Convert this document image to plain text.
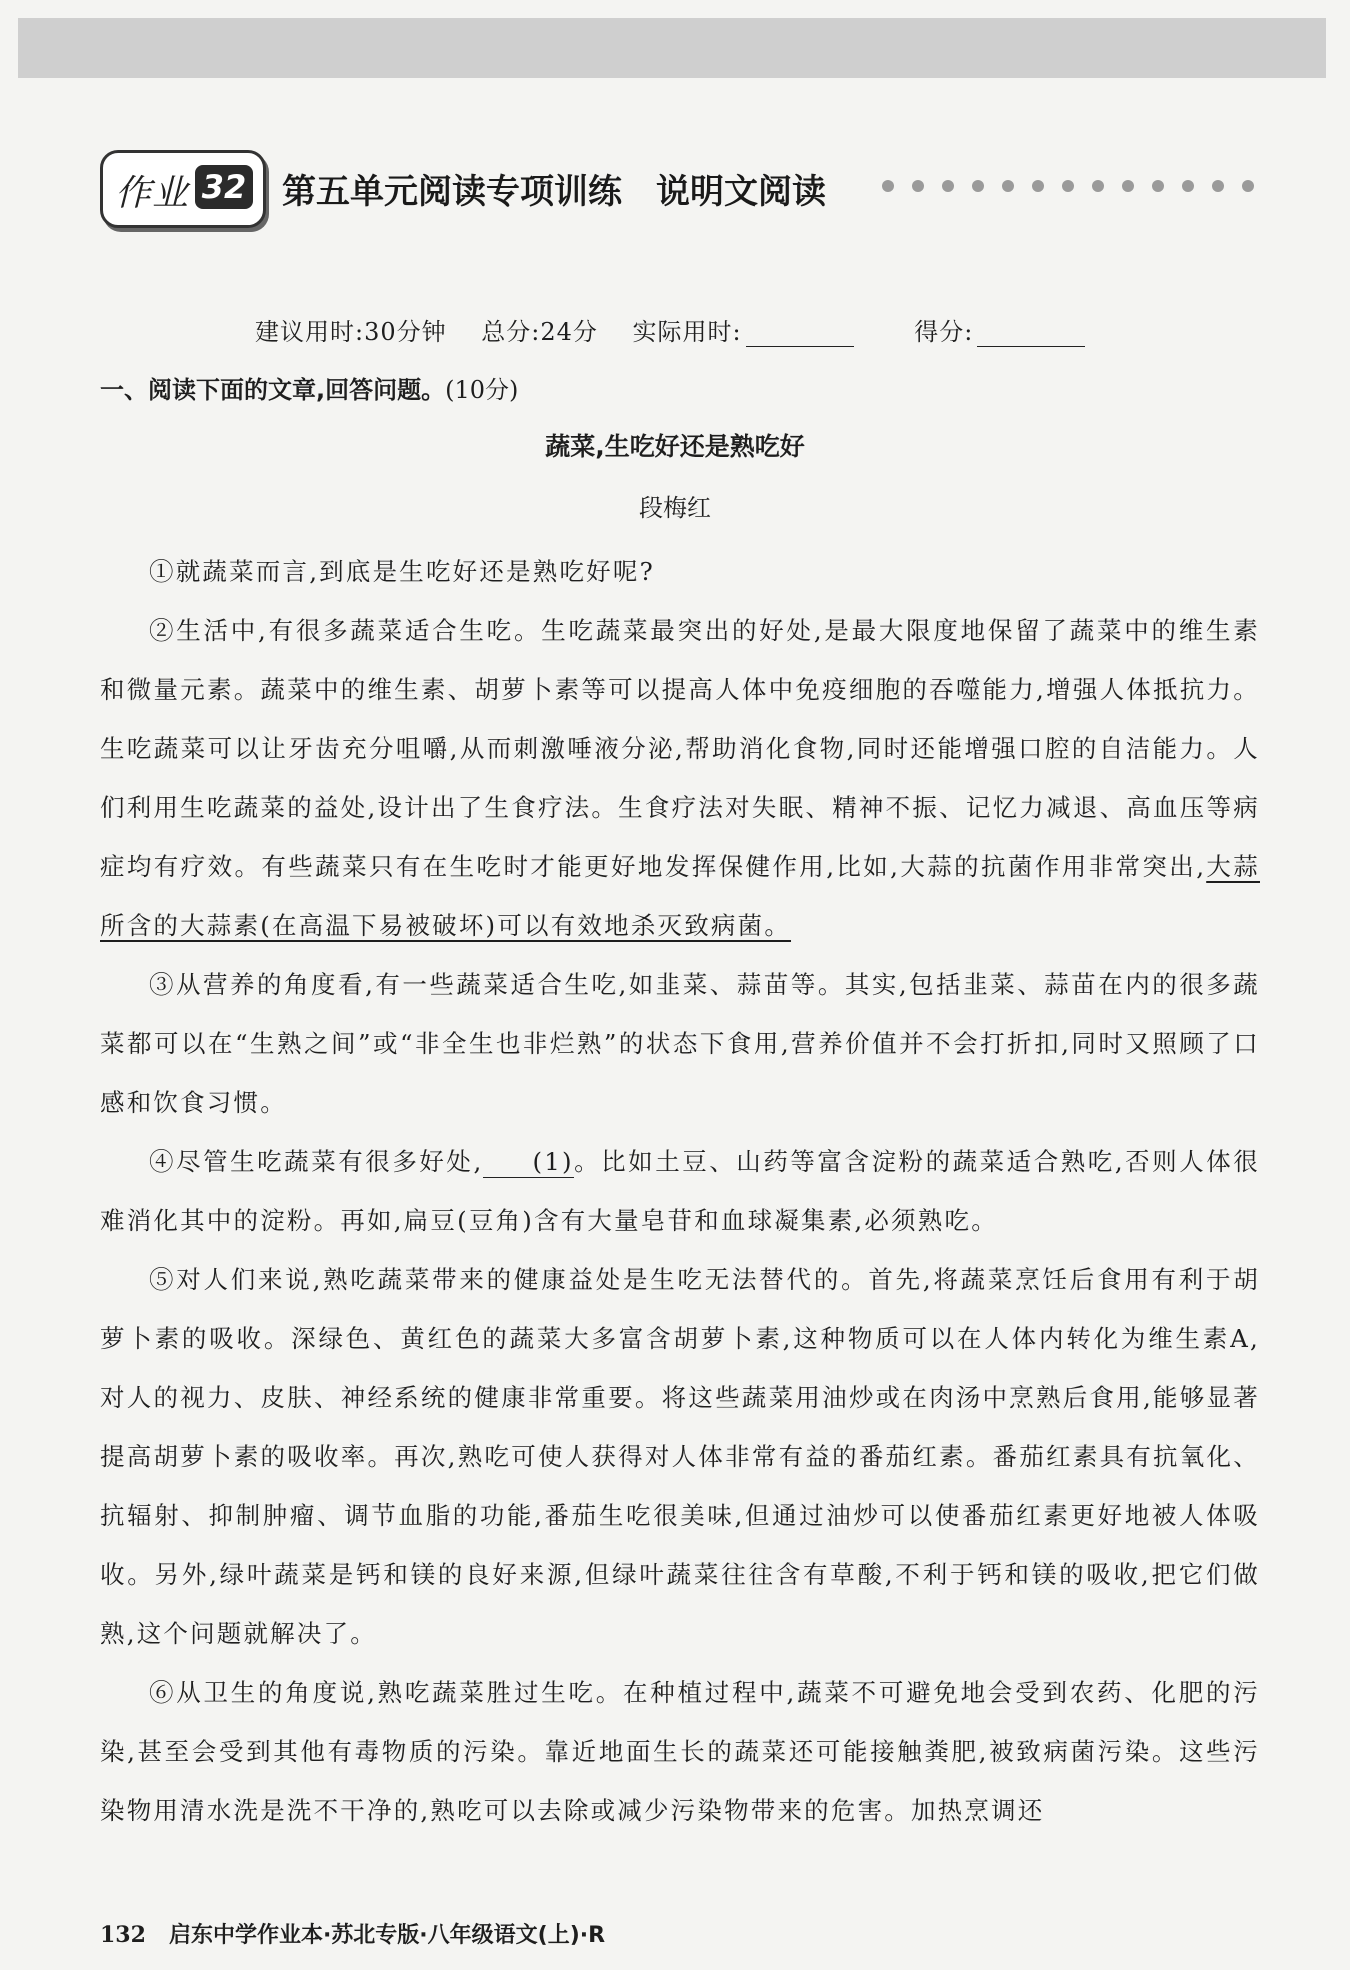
作业 32 第五单元阅读专项训练　说明文阅读
建议用时:30分钟 总分:24分 实际用时:	得分:
一、阅读下面的文章,回答问题。(10分)
蔬菜,生吃好还是熟吃好
段梅红

①就蔬菜而言,到底是生吃好还是熟吃好呢?

②生活中,有很多蔬菜适合生吃。生吃蔬菜最突出的好处,是最大限度地保留了蔬菜中的维生素和微量元素。蔬菜中的维生素、胡萝卜素等可以提高人体中免疫细胞的吞噬能力,增强人体抵抗力。生吃蔬菜可以让牙齿充分咀嚼,从而刺激唾液分泌,帮助消化食物,同时还能增强口腔的自洁能力。人们利用生吃蔬菜的益处,设计出了生食疗法。生食疗法对失眠、精神不振、记忆力减退、高血压等病症均有疗效。有些蔬菜只有在生吃时才能更好地发挥保健作用,比如,大蒜的抗菌作用非常突出,大蒜所含的大蒜素(在高温下易被破坏)可以有效地杀灭致病菌。

③从营养的角度看,有一些蔬菜适合生吃,如韭菜、蒜苗等。其实,包括韭菜、蒜苗在内的很多蔬菜都可以在“生熟之间”或“非全生也非烂熟”的状态下食用,营养价值并不会打折扣,同时又照顾了口感和饮食习惯。

④尽管生吃蔬菜有很多好处, (1)。比如土豆、山药等富含淀粉的蔬菜适合熟吃,否则人体很难消化其中的淀粉。再如,扁豆(豆角)含有大量皂苷和血球凝集素,必须熟吃。

⑤对人们来说,熟吃蔬菜带来的健康益处是生吃无法替代的。首先,将蔬菜烹饪后食用有利于胡萝卜素的吸收。深绿色、黄红色的蔬菜大多富含胡萝卜素,这种物质可以在人体内转化为维生素A,对人的视力、皮肤、神经系统的健康非常重要。将这些蔬菜用油炒或在肉汤中烹熟后食用,能够显著提高胡萝卜素的吸收率。再次,熟吃可使人获得对人体非常有益的番茄红素。番茄红素具有抗氧化、抗辐射、抑制肿瘤、调节血脂的功能,番茄生吃很美味,但通过油炒可以使番茄红素更好地被人体吸收。另外,绿叶蔬菜是钙和镁的良好来源,但绿叶蔬菜往往含有草酸,不利于钙和镁的吸收,把它们做熟,这个问题就解决了。

⑥从卫生的角度说,熟吃蔬菜胜过生吃。在种植过程中,蔬菜不可避免地会受到农药、化肥的污染,甚至会受到其他有毒物质的污染。靠近地面生长的蔬菜还可能接触粪肥,被致病菌污染。这些污染物用清水洗是洗不干净的,熟吃可以去除或减少污染物带来的危害。加热烹调还

132 启东中学作业本·苏北专版·八年级语文(上)·R
